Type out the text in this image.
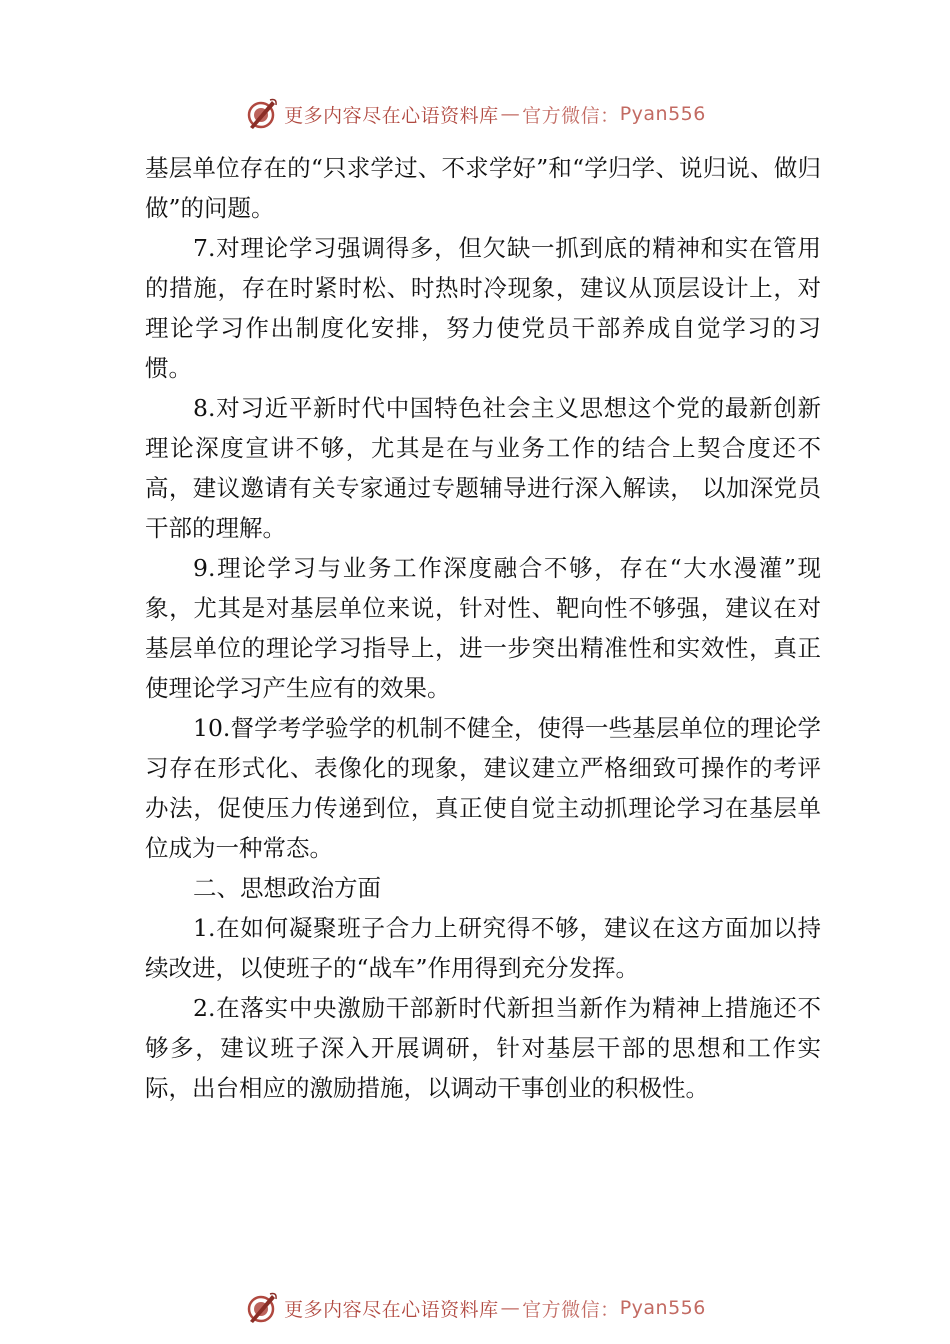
更多内容尽在心语资料库 — 官方微信： Pyan556

基层单位存在的“只求学过、不求学好”和“学归学、说归说、做归做”的问题。

7.对理论学习强调得多，但欠缺一抓到底的精神和实在管用的措施，存在时紧时松、时热时冷现象，建议从顶层设计上，对理论学习作出制度化安排，努力使党员干部养成自觉学习的习惯。

8.对习近平新时代中国特色社会主义思想这个党的最新创新理论深度宣讲不够，尤其是在与业务工作的结合上契合度还不高，建议邀请有关专家通过专题辅导进行深入解读， 以加深党员干部的理解。

9.理论学习与业务工作深度融合不够，存在“大水漫灌”现象，尤其是对基层单位来说，针对性、靶向性不够强，建议在对基层单位的理论学习指导上，进一步突出精准性和实效性，真正使理论学习产生应有的效果。

10.督学考学验学的机制不健全，使得一些基层单位的理论学习存在形式化、表像化的现象，建议建立严格细致可操作的考评办法，促使压力传递到位，真正使自觉主动抓理论学习在基层单位成为一种常态。

二、思想政治方面

1.在如何凝聚班子合力上研究得不够，建议在这方面加以持续改进，以使班子的“战车”作用得到充分发挥。

2.在落实中央激励干部新时代新担当新作为精神上措施还不够多，建议班子深入开展调研，针对基层干部的思想和工作实际，出台相应的激励措施，以调动干事创业的积极性。

更多内容尽在心语资料库 — 官方微信： Pyan556
